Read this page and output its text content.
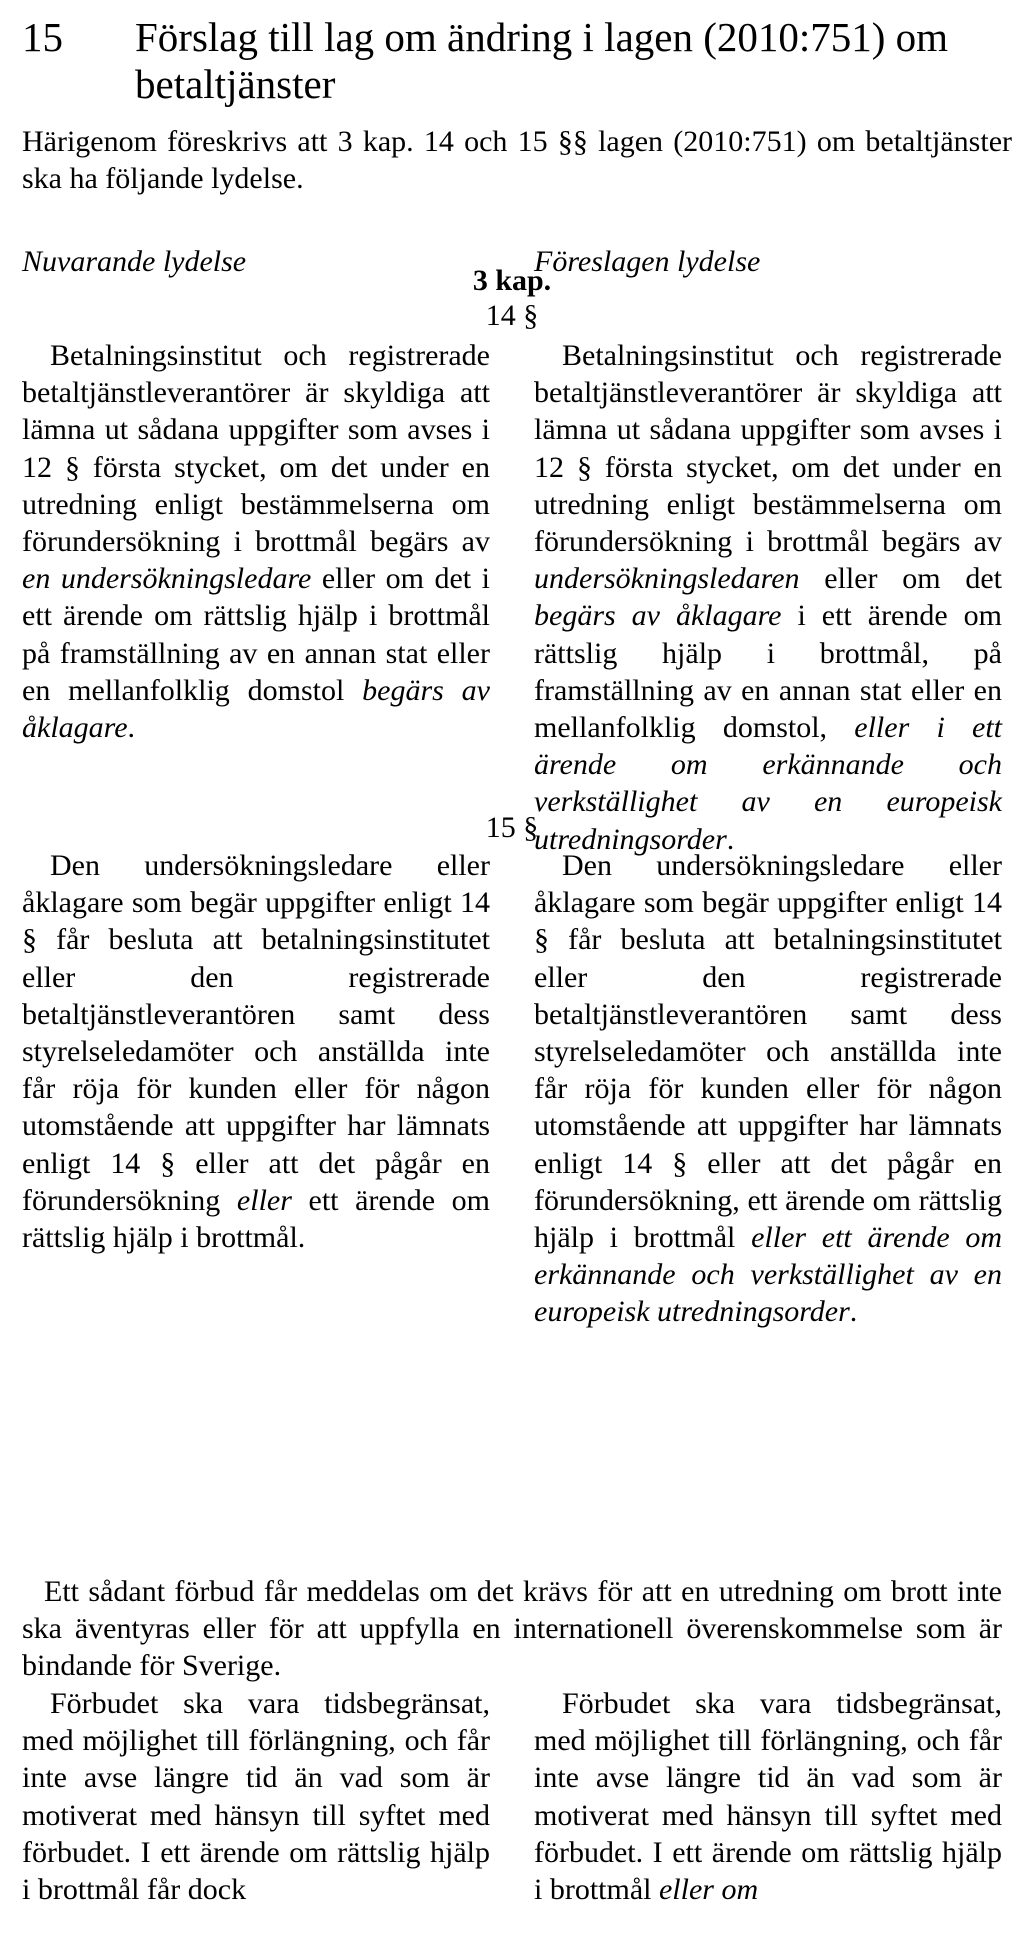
15 Förslag till lag om ändring i lagen (2010:751) om betaltjänster
Härigenom föreskrivs att 3 kap. 14 och 15 §§ lagen (2010:751) om betaltjänster ska ha följande lydelse.
Nuvarande lydelse	Föreslagen lydelse
3 kap.
14 §

Betalningsinstitut och registrerade betaltjänstleverantörer är skyldiga att lämna ut sådana uppgifter som avses i 12 § första stycket, om det under en utredning enligt bestämmelserna om förundersökning i brottmål begärs av en undersökningsledare eller om det i ett ärende om rättslig hjälp i brottmål på framställning av en annan stat eller en mellanfolklig domstol begärs av åklagare.

Betalningsinstitut och registrerade betaltjänstleverantörer är skyldiga att lämna ut sådana uppgifter som avses i 12 § första stycket, om det under en utredning enligt bestämmelserna om förundersökning i brottmål begärs av undersökningsledaren eller om det begärs av åklagare i ett ärende om rättslig hjälp i brottmål, på framställning av en annan stat eller en mellanfolklig domstol, eller i ett ärende om erkännande och verkställighet av en europeisk utredningsorder.

15 §

Den undersökningsledare eller åklagare som begär uppgifter enligt 14 § får besluta att betalningsinstitutet eller den registrerade betaltjänstleverantören samt dess styrelseledamöter och anställda inte får röja för kunden eller för någon utomstående att uppgifter har lämnats enligt 14 § eller att det pågår en förundersökning eller ett ärende om rättslig hjälp i brottmål.

Den undersökningsledare eller åklagare som begär uppgifter enligt 14 § får besluta att betalningsinstitutet eller den registrerade betaltjänstleverantören samt dess styrelseledamöter och anställda inte får röja för kunden eller för någon utomstående att uppgifter har lämnats enligt 14 § eller att det pågår en förundersökning, ett ärende om rättslig hjälp i brottmål eller ett ärende om erkännande och verkställighet av en europeisk utredningsorder.

Ett sådant förbud får meddelas om det krävs för att en utredning om brott inte ska äventyras eller för att uppfylla en internationell överenskommelse som är bindande för Sverige.

Förbudet ska vara tidsbegränsat, med möjlighet till förlängning, och får inte avse längre tid än vad som är motiverat med hänsyn till syftet med förbudet. I ett ärende om rättslig hjälp i brottmål får dock

Förbudet ska vara tidsbegränsat, med möjlighet till förlängning, och får inte avse längre tid än vad som är motiverat med hänsyn till syftet med förbudet. I ett ärende om rättslig hjälp i brottmål eller om
